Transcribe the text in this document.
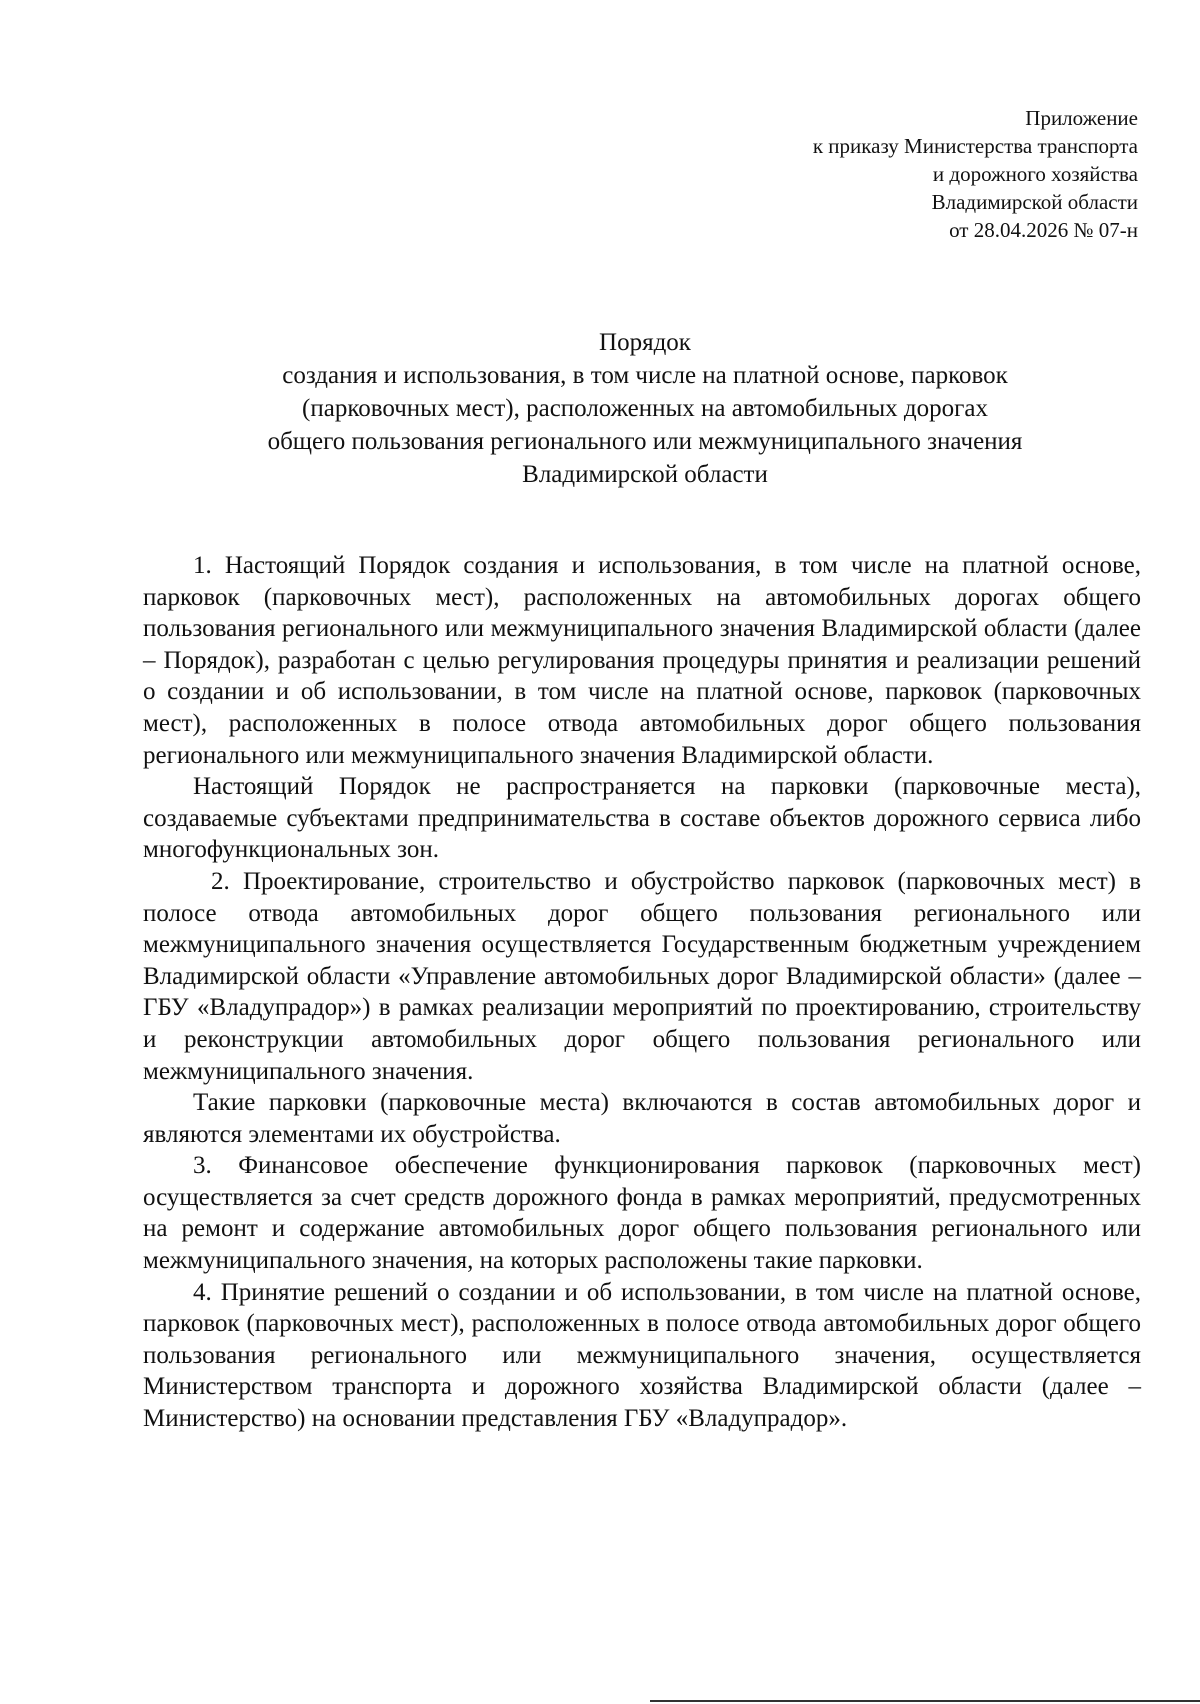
Приложение
к приказу Министерства транспорта
и дорожного хозяйства
Владимирской области
от 28.04.2026 № 07-н
Порядок
создания и использования, в том числе на платной основе, парковок
(парковочных мест), расположенных на автомобильных дорогах
общего пользования регионального или межмуниципального значения
Владимирской области

1. Настоящий Порядок создания и использования, в том числе на платной основе, парковок (парковочных мест), расположенных на автомобильных дорогах общего пользования регионального или межмуниципального значения Владимирской области (далее – Порядок), разработан с целью регулирования процедуры принятия и реализации решений о создании и об использовании, в том числе на платной основе, парковок (парковочных мест), расположенных в полосе отвода автомобильных дорог общего пользования регионального или межмуниципального значения Владимирской области.

Настоящий Порядок не распространяется на парковки (парковочные места), создаваемые субъектами предпринимательства в составе объектов дорожного сервиса либо многофункциональных зон.

2. Проектирование, строительство и обустройство парковок (парковочных мест) в полосе отвода автомобильных дорог общего пользования регионального или межмуниципального значения осуществляется Государственным бюджетным учреждением Владимирской области «Управление автомобильных дорог Владимирской области» (далее – ГБУ «Владупрадор») в рамках реализации мероприятий по проектированию, строительству и реконструкции автомобильных дорог общего пользования регионального или межмуниципального значения.

Такие парковки (парковочные места) включаются в состав автомобильных дорог и являются элементами их обустройства.

3. Финансовое обеспечение функционирования парковок (парковочных мест) осуществляется за счет средств дорожного фонда в рамках мероприятий, предусмотренных на ремонт и содержание автомобильных дорог общего пользования регионального или межмуниципального значения, на которых расположены такие парковки.

4. Принятие решений о создании и об использовании, в том числе на платной основе, парковок (парковочных мест), расположенных в полосе отвода автомобильных дорог общего пользования регионального или межмуниципального значения, осуществляется Министерством транспорта и дорожного хозяйства Владимирской области (далее – Министерство) на основании представления ГБУ «Владупрадор».
